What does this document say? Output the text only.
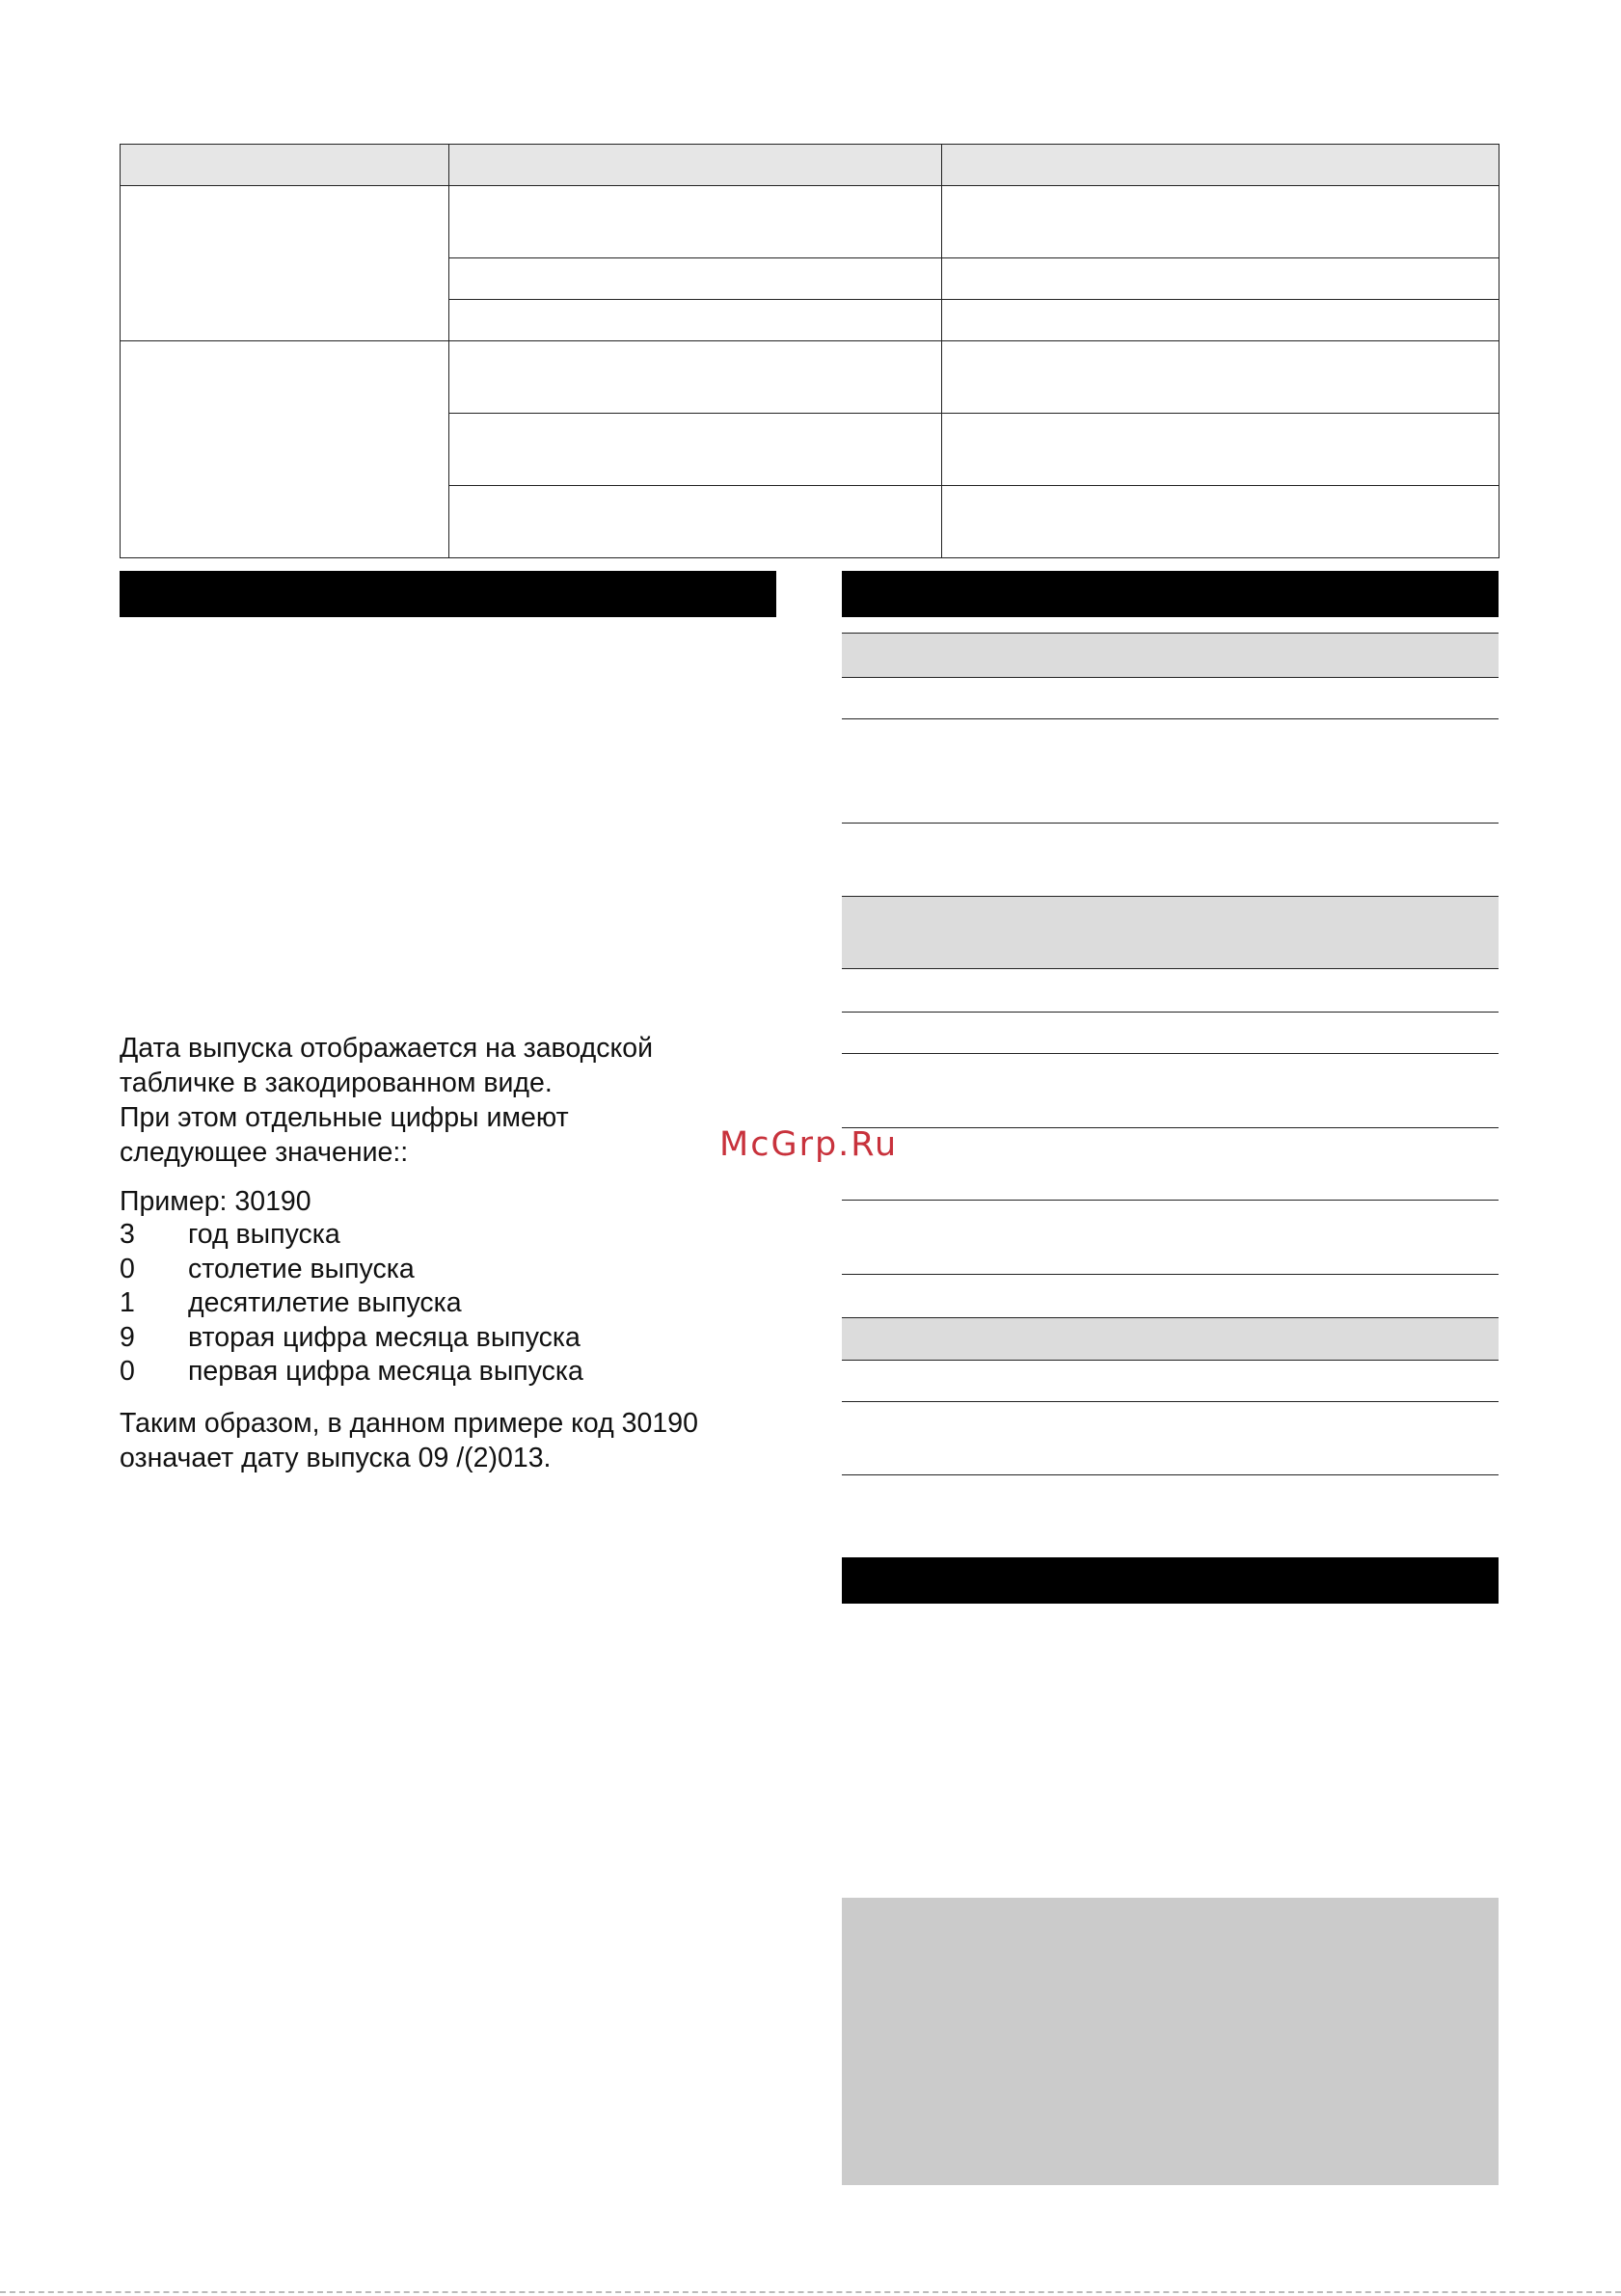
Дата выпуска отображается на заводской
табличке в закодированном виде.
При этом отдельные цифры имеют
следующее значение::
Пример: 30190
3	год выпуска
0	столетие выпуска
1	десятилетие выпуска
9	вторая цифра месяца выпуска
0	первая цифра месяца выпуска
Таким образом, в данном примере код 30190
означает дату выпуска 09 /(2)013.
McGrp.Ru
